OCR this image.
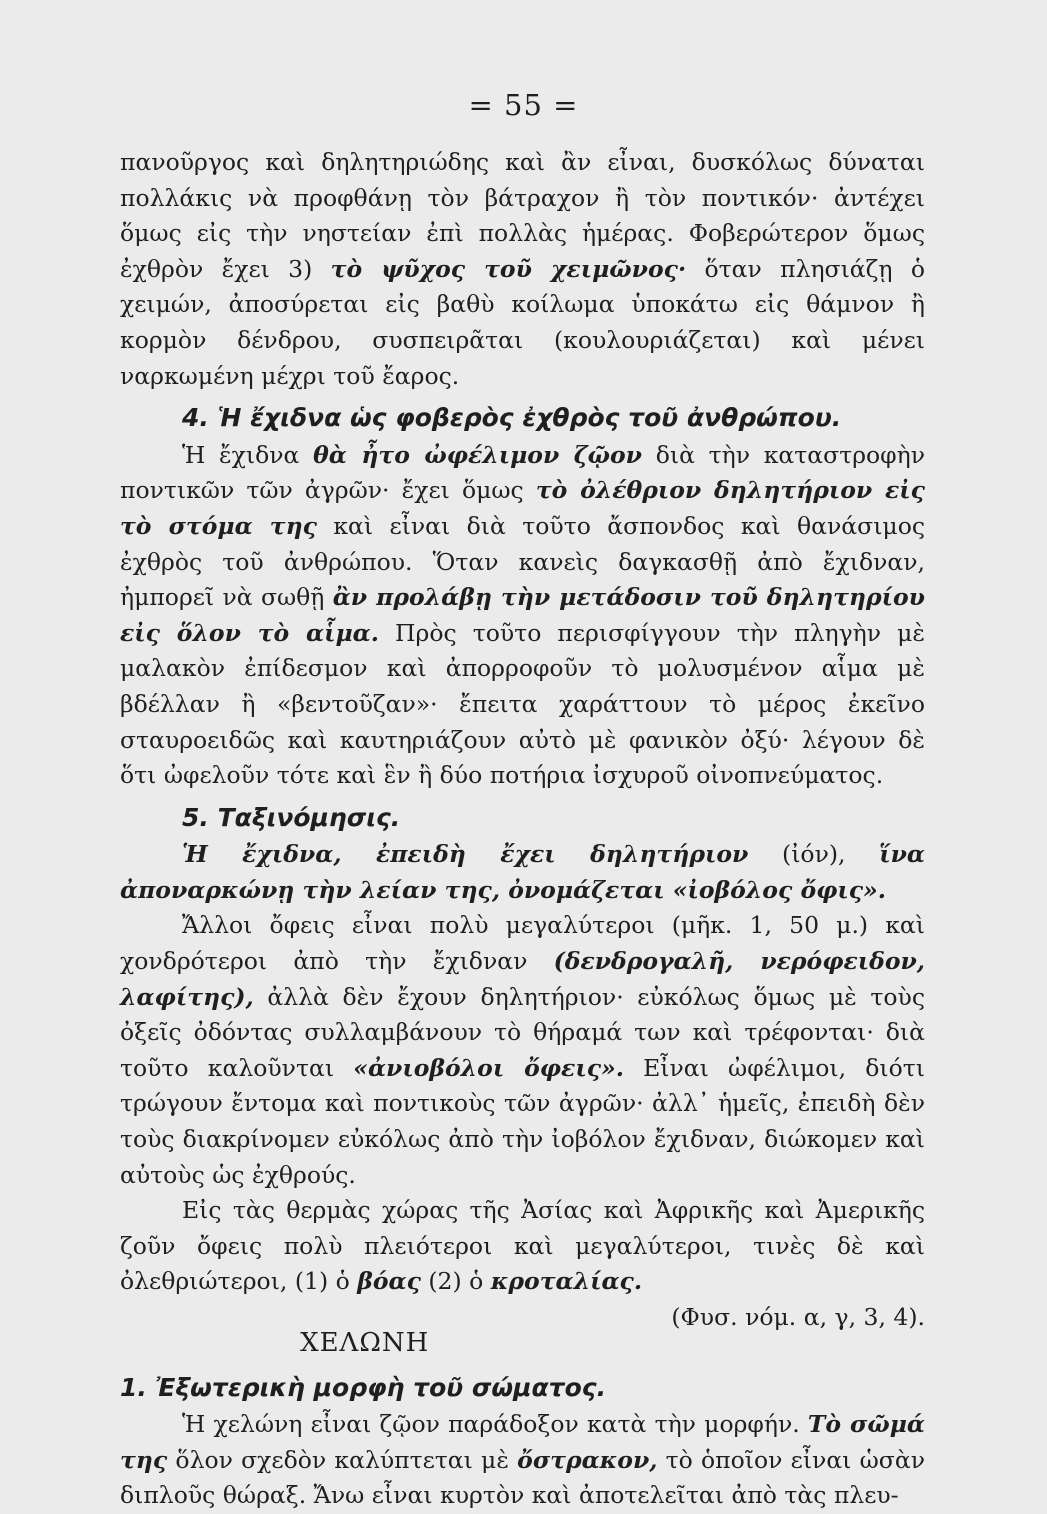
= 55 =

πανοῦργος καὶ δηλητηριώδης καὶ ἂν εἶναι, δυσκόλως δύναται πολλάκις νὰ προφθάνῃ τὸν βάτραχον ἢ τὸν ποντικόν· ἀντέχει ὅμως εἰς τὴν νηστείαν ἐπὶ πολλὰς ἡμέρας. Φοβερώτερον ὅμως ἐχθρὸν ἔχει 3) τὸ ψῦχος τοῦ χειμῶνος· ὅταν πλησιάζῃ ὁ χειμών, ἀποσύρεται εἰς βαθὺ κοίλωμα ὑποκάτω εἰς θάμνον ἢ κορμὸν δένδρου, συσπειρᾶται (κουλουριάζεται) καὶ μένει ναρκωμένη μέχρι τοῦ ἔαρος.

4. Ἡ ἔχιδνα ὡς φοβερὸς ἐχθρὸς τοῦ ἀνθρώπου.

Ἡ ἔχιδνα θὰ ἦτο ὠφέλιμον ζῷον διὰ τὴν καταστροφὴν ποντικῶν τῶν ἀγρῶν· ἔχει ὅμως τὸ ὀλέθριον δηλητήριον εἰς τὸ στόμα της καὶ εἶναι διὰ τοῦτο ἄσπονδος καὶ θανάσιμος ἐχθρὸς τοῦ ἀνθρώπου. Ὅταν κανεὶς δαγκασθῇ ἀπὸ ἔχιδναν, ἠμπορεῖ νὰ σωθῇ ἂν προλάβῃ τὴν μετάδοσιν τοῦ δηλητηρίου εἰς ὅλον τὸ αἷμα. Πρὸς τοῦτο περισφίγγουν τὴν πληγὴν μὲ μαλακὸν ἐπίδεσμον καὶ ἀπορροφοῦν τὸ μολυσμένον αἷμα μὲ βδέλλαν ἢ «βεντοῦζαν»· ἔπειτα χαράττουν τὸ μέρος ἐκεῖνο σταυροειδῶς καὶ καυτηριάζουν αὐτὸ μὲ φανικὸν ὀξύ· λέγουν δὲ ὅτι ὠφελοῦν τότε καὶ ἓν ἢ δύο ποτήρια ἰσχυροῦ οἰνοπνεύματος.

5. Ταξινόμησις.

Ἡ ἔχιδνα, ἐπειδὴ ἔχει δηλητήριον (ἰόν), ἵνα ἀποναρκώνῃ τὴν λείαν της, ὀνομάζεται «ἰοβόλος ὄφις».

Ἄλλοι ὄφεις εἶναι πολὺ μεγαλύτεροι (μῆκ. 1, 50 μ.) καὶ χονδρότεροι ἀπὸ τὴν ἔχιδναν (δενδρογαλῆ, νερόφειδον, λαφίτης), ἀλλὰ δὲν ἔχουν δηλητήριον· εὐκόλως ὅμως μὲ τοὺς ὀξεῖς ὀδόντας συλλαμβάνουν τὸ θήραμά των καὶ τρέφονται· διὰ τοῦτο καλοῦνται «ἀνιοβόλοι ὄφεις». Εἶναι ὠφέλιμοι, διότι τρώγουν ἔντομα καὶ ποντικοὺς τῶν ἀγρῶν· ἀλλ᾽ ἡμεῖς, ἐπειδὴ δὲν τοὺς διακρίνομεν εὐκόλως ἀπὸ τὴν ἰοβόλον ἔχιδναν, διώκομεν καὶ αὐτοὺς ὡς ἐχθρούς.

Εἰς τὰς θερμὰς χώρας τῆς Ἀσίας καὶ Ἀφρικῆς καὶ Ἀμερικῆς ζοῦν ὄφεις πολὺ πλειότεροι καὶ μεγαλύτεροι, τινὲς δὲ καὶ ὀλεθριώτεροι, (1) ὁ βόας (2) ὁ κροταλίας.
(Φυσ. νόμ. α, γ, 3, 4).

ΧΕΛΩΝΗ

1. Ἐξωτερικὴ μορφὴ τοῦ σώματος.

Ἡ χελώνη εἶναι ζῷον παράδοξον κατὰ τὴν μορφήν. Τὸ σῶμά της ὅλον σχεδὸν καλύπτεται μὲ ὄστρακον, τὸ ὁποῖον εἶναι ὡσὰν διπλοῦς θώραξ. Ἄνω εἶναι κυρτὸν καὶ ἀποτελεῖται ἀπὸ τὰς πλευ-
